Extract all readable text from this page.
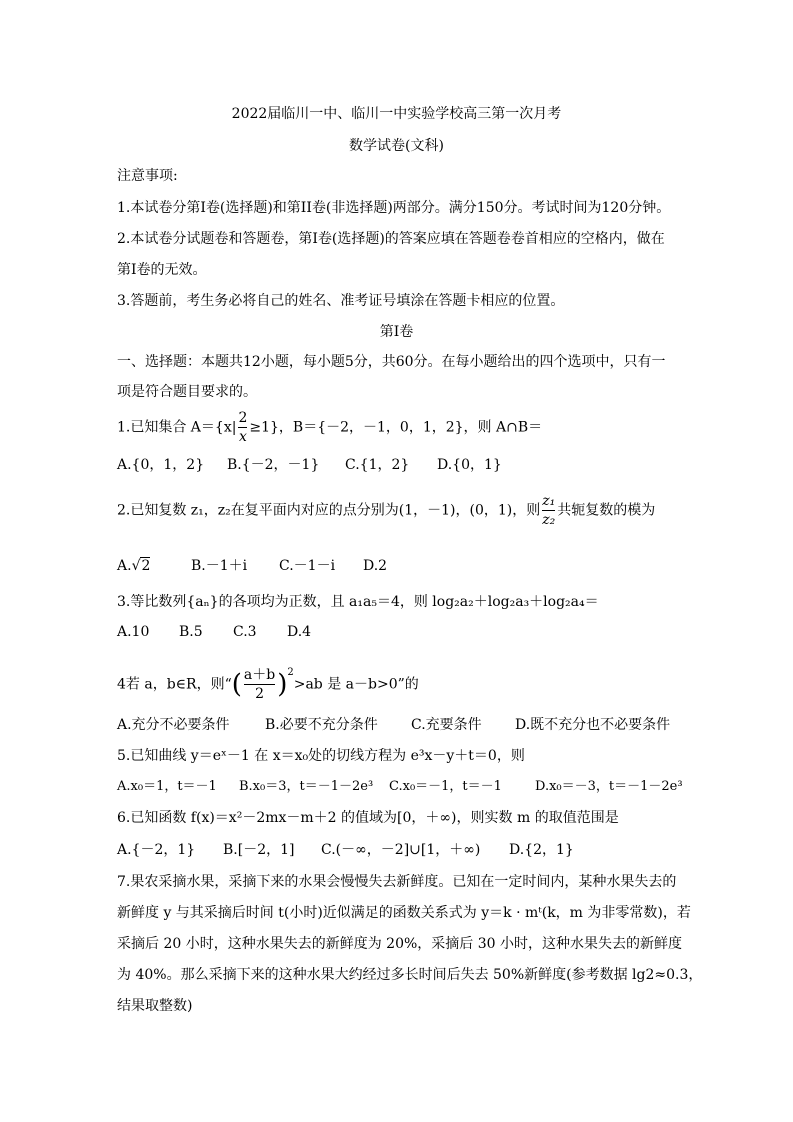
2022届临川一中、临川一中实验学校高三第一次月考
数学试卷(文科)
注意事项:
1.本试卷分第I卷(选择题)和第II卷(非选择题)两部分。满分150分。考试时间为120分钟。
2.本试卷分试题卷和答题卷，第I卷(选择题)的答案应填在答题卷卷首相应的空格内，做在
第I卷的无效。
3.答题前，考生务必将自己的姓名、准考证号填涂在答题卡相应的位置。
第I卷
一、选择题：本题共12小题，每小题5分，共60分。在每小题给出的四个选项中，只有一
项是符合题目要求的。
1.已知集合 $A=\{x| \frac{2}{x} \ge 1\}$，B＝{－2，－1，0，1，2}，则 A∩B＝
A.{0，1，2} B.{－2，－1} C.{1，2} D.{0，1}
2.已知复数 z₁，z₂在复平面内对应的点分别为(1，－1)，(0，1)，则 $\frac{\text{z₁}}{\text{z₂}}$ 共轭复数的模为
A.√2	B.－1＋i C.－1－i D.2
3.等比数列{aₙ}的各项均为正数，且 a₁a₅＝4，则 log₂a₂＋log₂a₃＋log₂a₄＝
A.10 B.5 C.3 D.4
4若 a，b∈R，则“( $\frac{a+b}{2} )^2>ab$ 是 a－b>0”的
A.充分不必要条件	B.必要不充分条件 C.充要条件 D.既不充分也不必要条件
5.已知曲线 y＝eˣ－1 在 x＝x₀处的切线方程为 e³x－y＋t＝0，则
A.x₀＝1，t＝－1 B.x₀＝3，t＝－1－2e³ C.x₀＝－1，t＝－1	D.x₀＝－3，t＝－1－2e³
6.已知函数 f(x)＝x²－2mx－m＋2 的值域为[0，＋∞)，则实数 m 的取值范围是
A.{－2，1} B.[－2，1] C.(－∞，－2]∪[1，＋∞) D.{2，1}
7.果农采摘水果，采摘下来的水果会慢慢失去新鲜度。已知在一定时间内，某种水果失去的
新鲜度 y 与其采摘后时间 t(小时)近似满足的函数关系式为 y＝k · mᵗ(k，m 为非零常数)，若
采摘后 20 小时，这种水果失去的新鲜度为 20%，采摘后 30 小时，这种水果失去的新鲜度
为 40%。那么采摘下来的这种水果大约经过多长时间后失去 50%新鲜度(参考数据 lg2≈0.3，
结果取整数)
